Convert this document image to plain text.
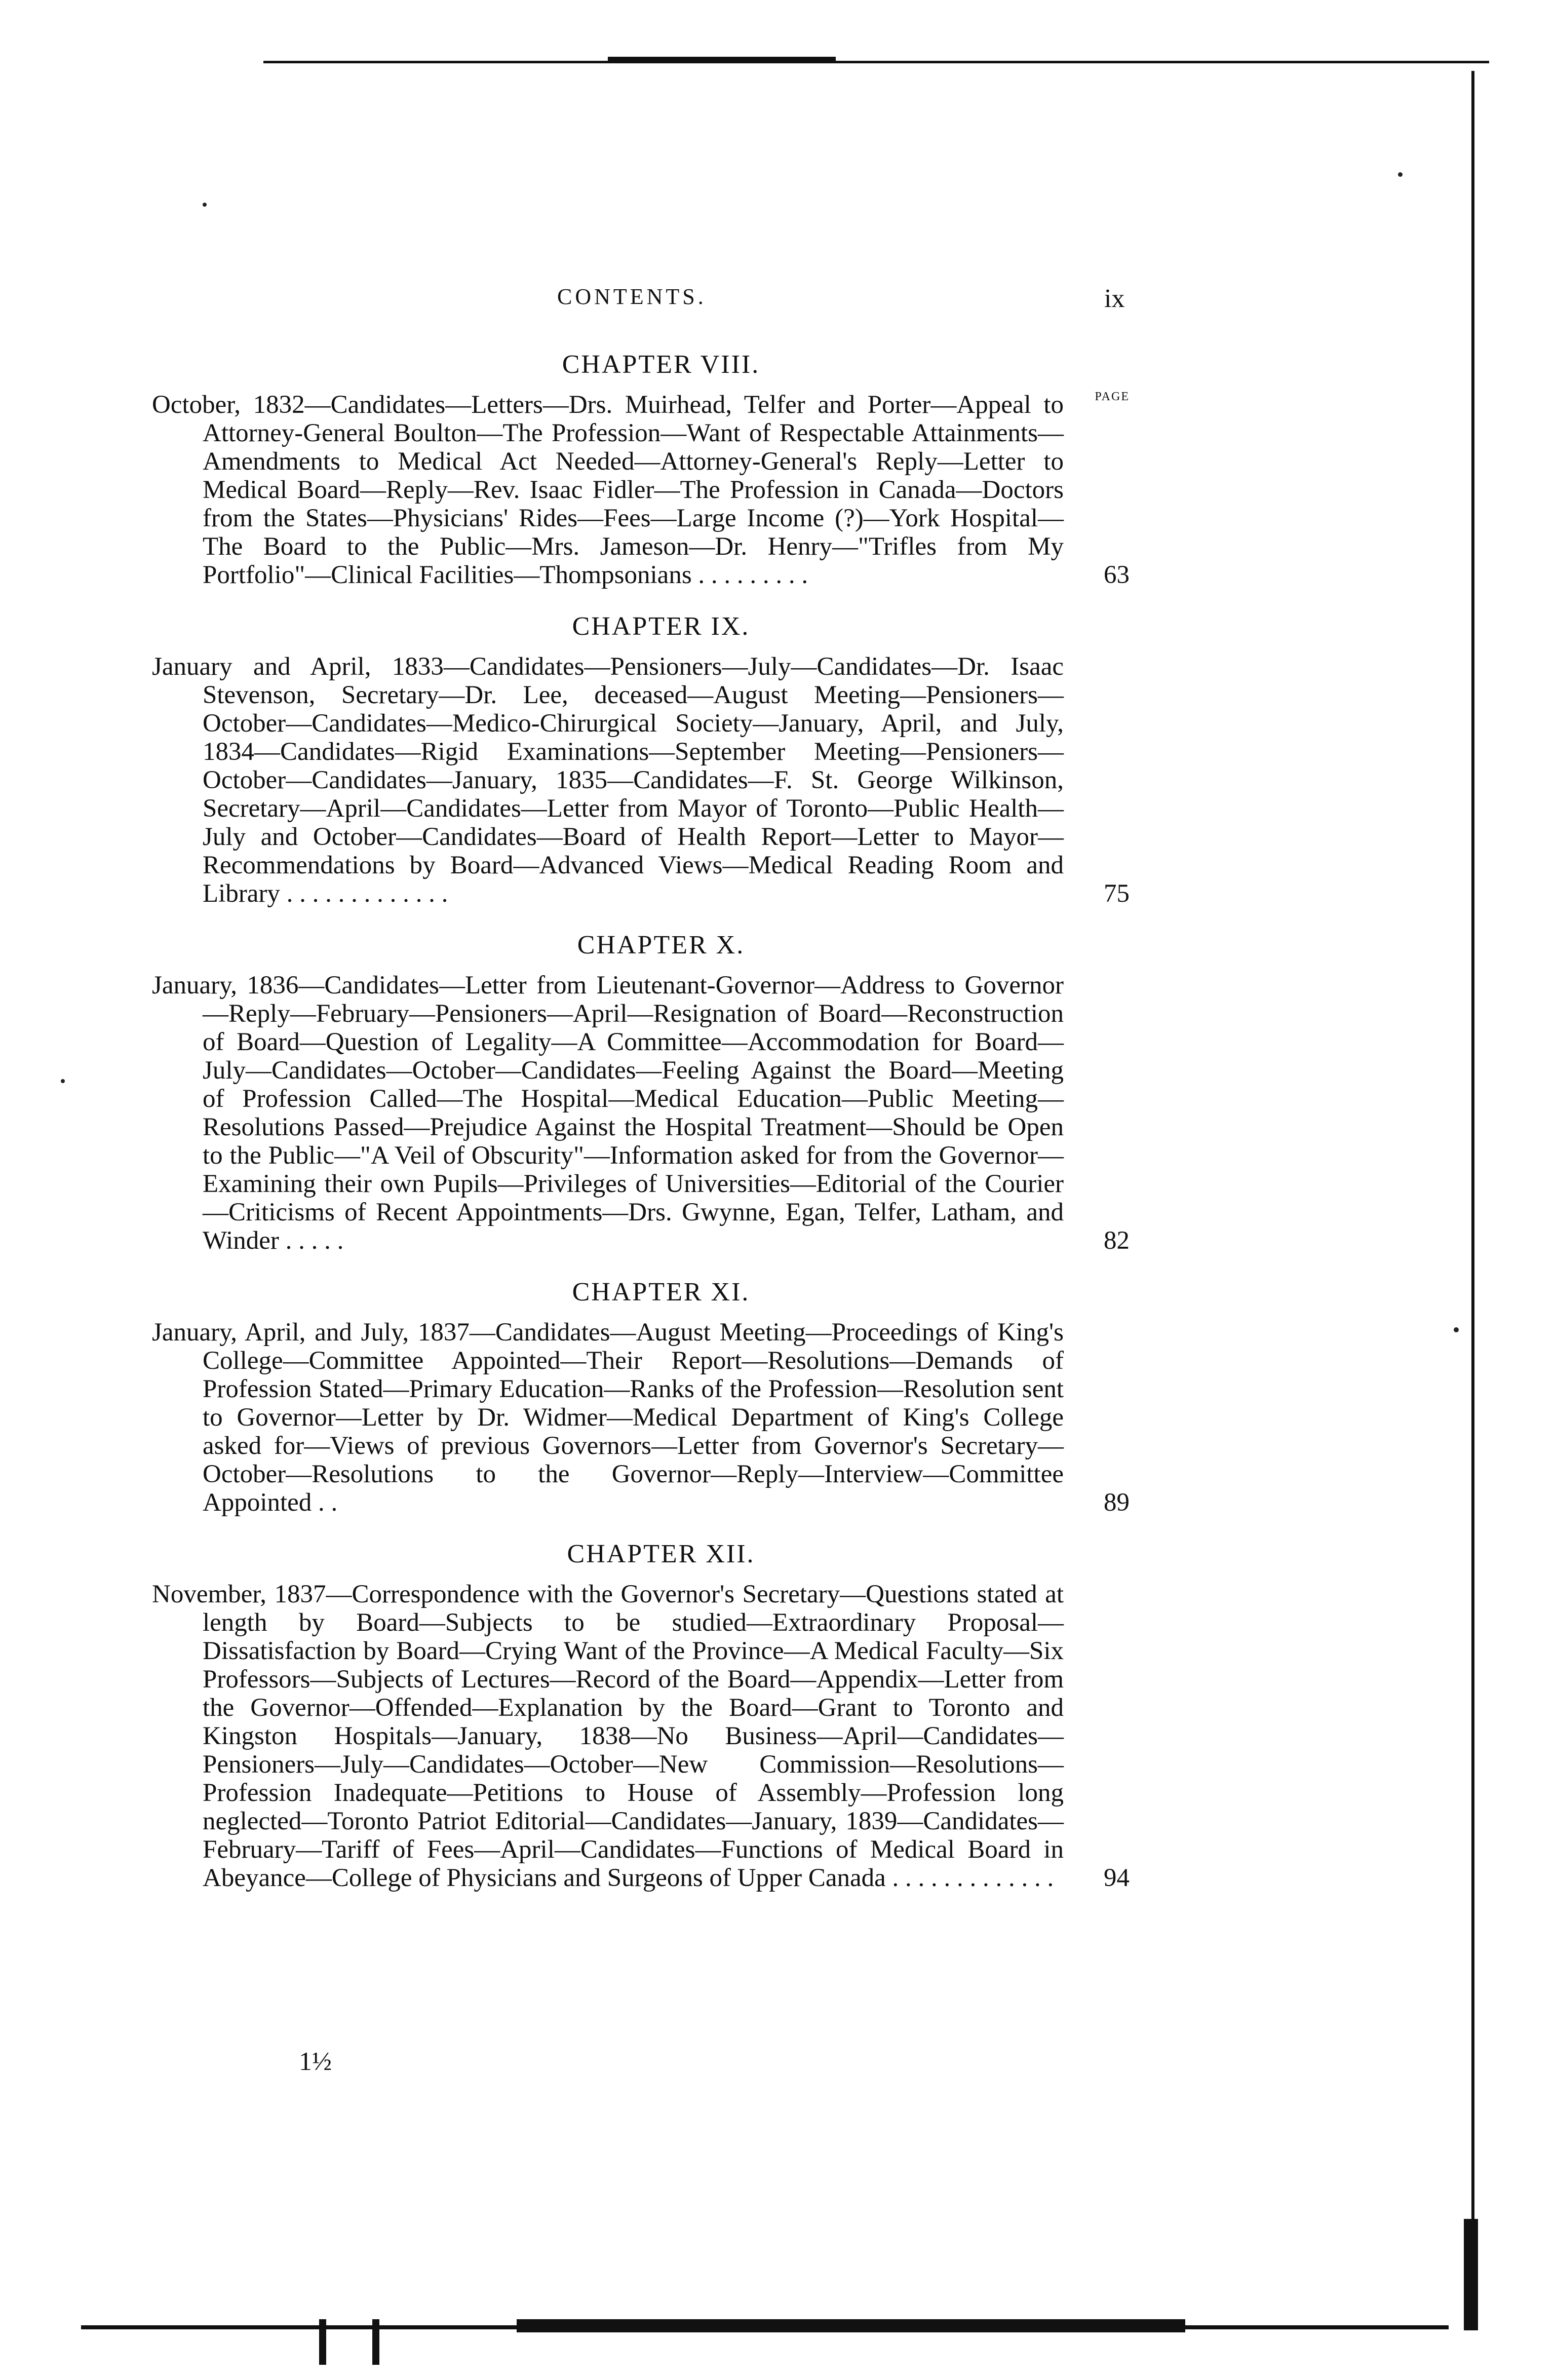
CONTENTS.	ix
PAGE
CHAPTER VIII.
October, 1832—Candidates—Letters—Drs. Muirhead, Telfer and Porter—Appeal to Attorney-General Boulton—The Profession—Want of Respectable Attainments—Amendments to Medical Act Needed—Attorney-General's Reply—Letter to Medical Board—Reply—Rev. Isaac Fidler—The Profession in Canada—Doctors from the States—Physicians' Rides—Fees—Large Income (?)—York Hospital—The Board to the Public—Mrs. Jameson—Dr. Henry—"Trifles from My Portfolio"—Clinical Facilities—Thompsonians . . . . . . . . .	63
CHAPTER IX.
January and April, 1833—Candidates—Pensioners—July—Candidates—Dr. Isaac Stevenson, Secretary—Dr. Lee, deceased—August Meeting—Pensioners—October—Candidates—Medico-Chirurgical Society—January, April, and July, 1834—Candidates—Rigid Examinations—September Meeting—Pensioners—October—Candidates—January, 1835—Candidates—F. St. George Wilkinson, Secretary—April—Candidates—Letter from Mayor of Toronto—Public Health—July and October—Candidates—Board of Health Report—Letter to Mayor—Recommendations by Board—Advanced Views—Medical Reading Room and Library . . . . . . . . . . . . .	75
CHAPTER X.
January, 1836—Candidates—Letter from Lieutenant-Governor—Address to Governor—Reply—February—Pensioners—April—Resignation of Board—Reconstruction of Board—Question of Legality—A Committee—Accommodation for Board—July—Candidates—October—Candidates—Feeling Against the Board—Meeting of Profession Called—The Hospital—Medical Education—Public Meeting—Resolutions Passed—Prejudice Against the Hospital Treatment—Should be Open to the Public—"A Veil of Obscurity"—Information asked for from the Governor—Examining their own Pupils—Privileges of Universities—Editorial of the Courier—Criticisms of Recent Appointments—Drs. Gwynne, Egan, Telfer, Latham, and Winder . . . . .	82
CHAPTER XI.
January, April, and July, 1837—Candidates—August Meeting—Proceedings of King's College—Committee Appointed—Their Report—Resolutions—Demands of Profession Stated—Primary Education—Ranks of the Profession—Resolution sent to Governor—Letter by Dr. Widmer—Medical Department of King's College asked for—Views of previous Governors—Letter from Governor's Secretary—October—Resolutions to the Governor—Reply—Interview—Committee Appointed . .	89
CHAPTER XII.
November, 1837—Correspondence with the Governor's Secretary—Questions stated at length by Board—Subjects to be studied—Extraordinary Proposal—Dissatisfaction by Board—Crying Want of the Province—A Medical Faculty—Six Professors—Subjects of Lectures—Record of the Board—Appendix—Letter from the Governor—Offended—Explanation by the Board—Grant to Toronto and Kingston Hospitals—January, 1838—No Business—April—Candidates—Pensioners—July—Candidates—October—New Commission—Resolutions—Profession Inadequate—Petitions to House of Assembly—Profession long neglected—Toronto Patriot Editorial—Candidates—January, 1839—Candidates—February—Tariff of Fees—April—Candidates—Functions of Medical Board in Abeyance—College of Physicians and Surgeons of Upper Canada . . . . . . . . . . . . .	94
1½
